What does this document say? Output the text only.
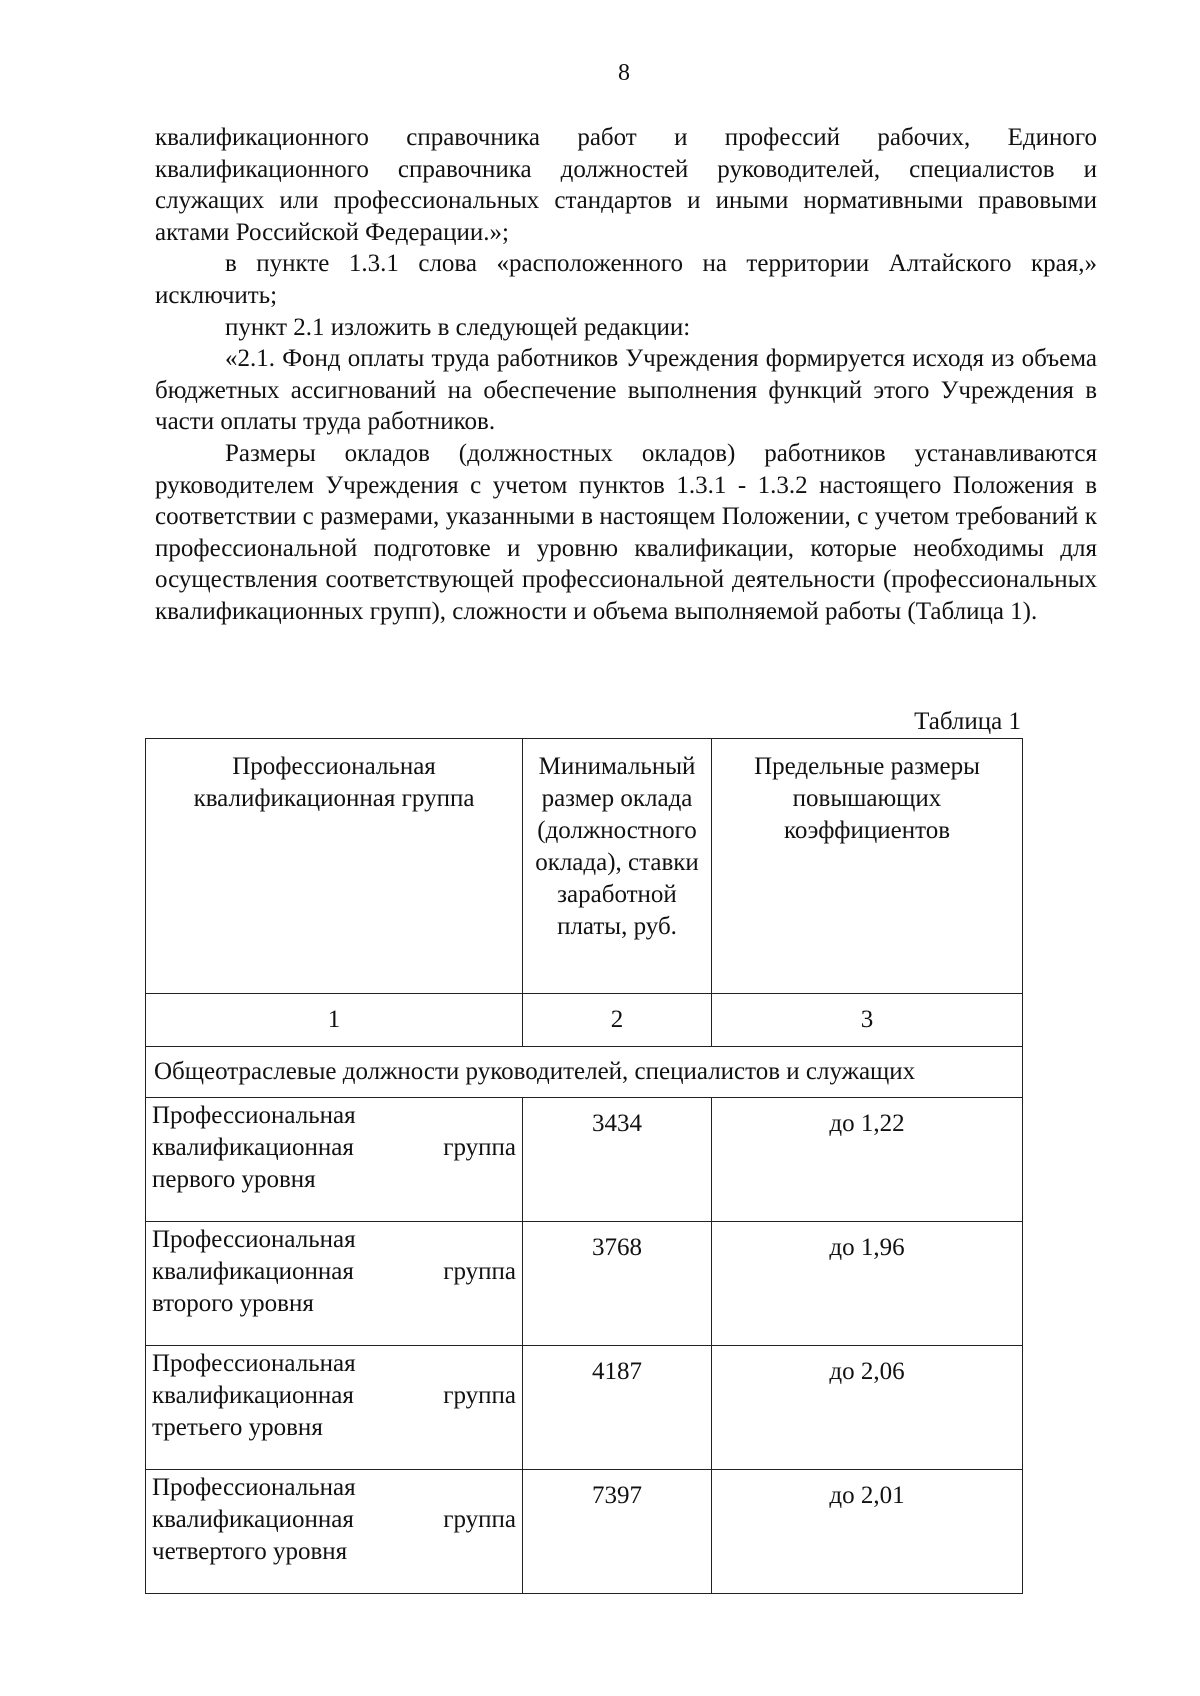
8

квалификационного справочника работ и профессий рабочих, Единого квалификационного справочника должностей руководителей, специалистов и служащих или профессиональных стандартов и иными нормативными правовыми актами Российской Федерации.»;

в пункте 1.3.1 слова «расположенного на территории Алтайского края,» исключить;

пункт 2.1 изложить в следующей редакции:

«2.1. Фонд оплаты труда работников Учреждения формируется исходя из объема бюджетных ассигнований на обеспечение выполнения функций этого Учреждения в части оплаты труда работников.

Размеры окладов (должностных окладов) работников устанавливаются руководителем Учреждения с учетом пунктов 1.3.1 - 1.3.2 настоящего Положения в соответствии с размерами, указанными в настоящем Положении, с учетом требований к профессиональной подготовке и уровню квалификации, которые необходимы для осуществления соответствующей профессиональной деятельности (профессиональных квалификационных групп), сложности и объема выполняемой работы (Таблица 1).

Таблица 1
Профессиональная квалификационная группа	Минимальный размер оклада (должностного оклада), ставки заработной платы, руб.	Предельные размеры повышающих коэффициентов
1	2	3
Общеотраслевые должности руководителей, специалистов и служащих		
Профессиональная квалификационная группа первого уровня	3434	до 1,22
Профессиональная квалификационная группа второго уровня	3768	до 1,96
Профессиональная квалификационная группа третьего уровня	4187	до 2,06
Профессиональная квалификационная группа четвертого уровня	7397	до 2,01
